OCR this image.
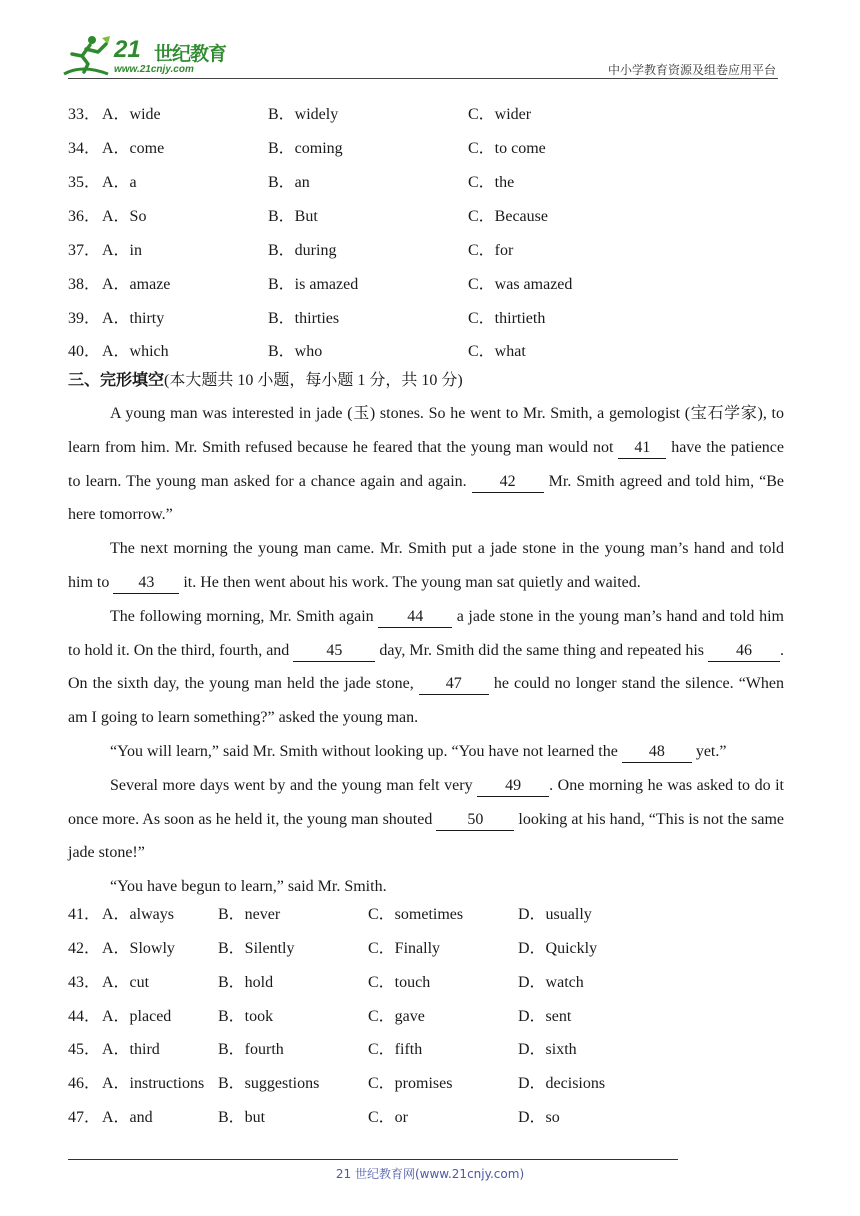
21 世纪教育
www.21cnjy.com	中小学教育资源及组卷应用平台
33． A．wide	B．widely	C．wider
34． A．come	B．coming	C．to come
35． A．a	B．an	C．the
36． A．So	B．But	C．Because
37． A．in	B．during	C．for
38． A．amaze	B．is amazed	C．was amazed
39． A．thirty	B．thirties	C．thirtieth
40． A．which	B．who	C．what
三、完形填空(本大题共 10 小题，每小题 1 分，共 10 分)

A young man was interested in jade (玉) stones. So he went to Mr. Smith, a gemologist (宝石学家), to learn from him. Mr. Smith refused because he feared that the young man would not 41 have the patience to learn. The young man asked for a chance again and again. 42 Mr. Smith agreed and told him, “Be here tomorrow.”

The next morning the young man came. Mr. Smith put a jade stone in the young man’s hand and told him to 43 it. He then went about his work. The young man sat quietly and waited.

The following morning, Mr. Smith again 44 a jade stone in the young man’s hand and told him to hold it. On the third, fourth, and 45 day, Mr. Smith did the same thing and repeated his 46 . On the sixth day, the young man held the jade stone, 47 he could no longer stand the silence. “When am I going to learn something?” asked the young man.

“You will learn,” said Mr. Smith without looking up. “You have not learned the 48 yet.”

Several more days went by and the young man felt very 49 . One morning he was asked to do it once more. As soon as he held it, the young man shouted 50 looking at his hand, “This is not the same jade stone!”

“You have begun to learn,” said Mr. Smith.

41． A．always	B．never	C．sometimes	D．usually
42． A．Slowly	B．Silently	C．Finally	D．Quickly
43． A．cut	B．hold	C．touch	D．watch
44． A．placed	B．took	C．gave	D．sent
45． A．third	B．fourth	C．fifth	D．sixth
46． A．instructions B．suggestions	C．promises	D．decisions
47． A．and	B．but	C．or	D．so
21 世纪教育网(www.21cnjy.com)
